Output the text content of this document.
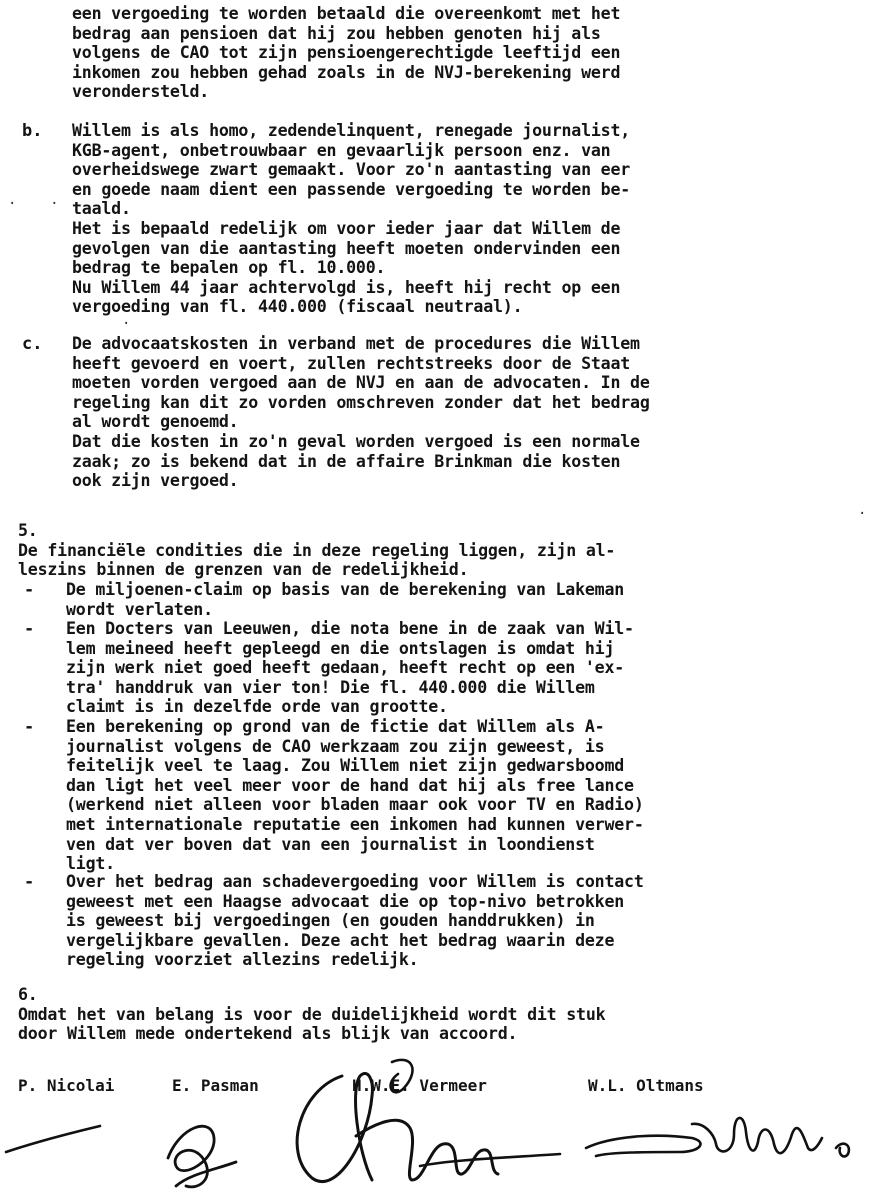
een vergoeding te worden betaald die overeenkomt met het
bedrag aan pensioen dat hij zou hebben genoten hij als
volgens de CAO tot zijn pensioengerechtigde leeftijd een
inkomen zou hebben gehad zoals in de NVJ-berekening werd
verondersteld.
b. Willem is als homo, zedendelinquent, renegade journalist,
KGB-agent, onbetrouwbaar en gevaarlijk persoon enz. van
overheidswege zwart gemaakt. Voor zo'n aantasting van eer
en goede naam dient een passende vergoeding te worden be-
taald.
Het is bepaald redelijk om voor ieder jaar dat Willem de
gevolgen van die aantasting heeft moeten ondervinden een
bedrag te bepalen op fl. 10.000.
Nu Willem 44 jaar achtervolgd is, heeft hij recht op een
vergoeding van fl. 440.000 (fiscaal neutraal).
·    ·
·
c. De advocaatskosten in verband met de procedures die Willem
heeft gevoerd en voert, zullen rechtstreeks door de Staat
moeten vorden vergoed aan de NVJ en aan de advocaten. In de
regeling kan dit zo vorden omschreven zonder dat het bedrag
al wordt genoemd.
Dat die kosten in zo'n geval worden vergoed is een normale
zaak; zo is bekend dat in de affaire Brinkman die kosten
ook zijn vergoed.
·
5.
De financiële condities die in deze regeling liggen, zijn al-
leszins binnen de grenzen van de redelijkheid.
- De miljoenen-claim op basis van de berekening van Lakeman
wordt verlaten.
- Een Docters van Leeuwen, die nota bene in de zaak van Wil-
lem meineed heeft gepleegd en die ontslagen is omdat hij
zijn werk niet goed heeft gedaan, heeft recht op een 'ex-
tra' handdruk van vier ton! Die fl. 440.000 die Willem
claimt is in dezelfde orde van grootte.
- Een berekening op grond van de fictie dat Willem als A-
journalist volgens de CAO werkzaam zou zijn geweest, is
feitelijk veel te laag. Zou Willem niet zijn gedwarsboomd
dan ligt het veel meer voor de hand dat hij als free lance
(werkend niet alleen voor bladen maar ook voor TV en Radio)
met internationale reputatie een inkomen had kunnen verwer-
ven dat ver boven dat van een journalist in loondienst
ligt.
- Over het bedrag aan schadevergoeding voor Willem is contact
geweest met een Haagse advocaat die op top-nivo betrokken
is geweest bij vergoedingen (en gouden handdrukken) in
vergelijkbare gevallen. Deze acht het bedrag waarin deze
regeling voorziet allezins redelijk.
6.
Omdat het van belang is voor de duidelijkheid wordt dit stuk
door Willem mede ondertekend als blijk van accoord.
P. Nicolai	E. Pasman	H.W.E. Vermeer	W.L. Oltmans
